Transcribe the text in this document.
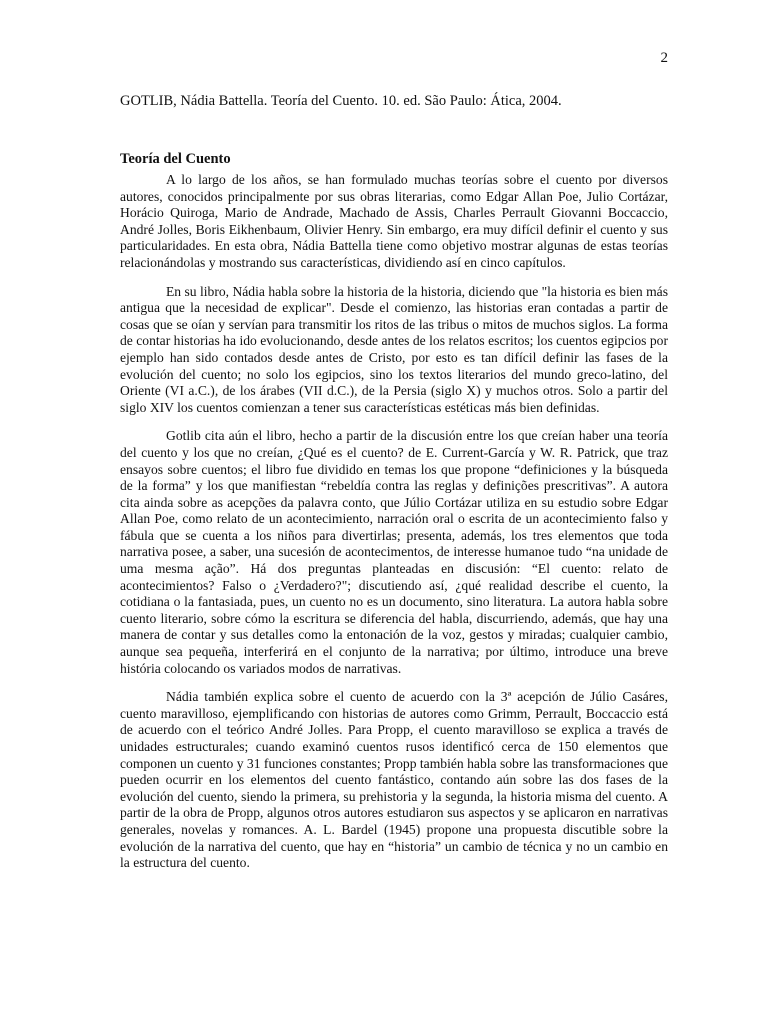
2
GOTLIB, Nádia Battella. Teoría del Cuento. 10. ed. São Paulo: Ática, 2004.
Teoría del Cuento

A lo largo de los años, se han formulado muchas teorías sobre el cuento por diversos autores, conocidos principalmente por sus obras literarias, como Edgar Allan Poe, Julio Cortázar, Horácio Quiroga, Mario de Andrade, Machado de Assis, Charles Perrault Giovanni Boccaccio, André Jolles, Boris Eikhenbaum, Olivier Henry. Sin embargo, era muy difícil definir el cuento y sus particularidades. En esta obra, Nádia Battella tiene como objetivo mostrar algunas de estas teorías relacionándolas y mostrando sus características, dividiendo así en cinco capítulos.

En su libro, Nádia habla sobre la historia de la historia, diciendo que "la historia es bien más antigua que la necesidad de explicar". Desde el comienzo, las historias eran contadas a partir de cosas que se oían y servían para transmitir los ritos de las tribus o mitos de muchos siglos. La forma de contar historias ha ido evolucionando, desde antes de los relatos escritos; los cuentos egipcios por ejemplo han sido contados desde antes de Cristo, por esto es tan difícil definir las fases de la evolución del cuento; no solo los egipcios, sino los textos literarios del mundo greco-latino, del Oriente (VI a.C.), de los árabes (VII d.C.), de la Persia (siglo X) y muchos otros. Solo a partir del siglo XIV los cuentos comienzan a tener sus características estéticas más bien definidas.

Gotlib cita aún el libro, hecho a partir de la discusión entre los que creían haber una teoría del cuento y los que no creían, ¿Qué es el cuento? de E. Current-García y W. R. Patrick, que traz ensayos sobre cuentos; el libro fue dividido en temas los que propone “definiciones y la búsqueda de la forma” y los que manifiestan “rebeldía contra las reglas y definições prescritivas”. A autora cita ainda sobre as acepções da palavra conto, que Júlio Cortázar utiliza en su estudio sobre Edgar Allan Poe, como relato de un acontecimiento, narración oral o escrita de un acontecimiento falso y fábula que se cuenta a los niños para divertirlas; presenta, además, los tres elementos que toda narrativa posee, a saber, una sucesión de acontecimentos, de interesse humanoe tudo “na unidade de uma mesma ação”. Há dos preguntas planteadas en discusión: “El cuento: relato de acontecimientos? Falso o ¿Verdadero?"; discutiendo así, ¿qué realidad describe el cuento, la cotidiana o la fantasiada, pues, un cuento no es un documento, sino literatura. La autora habla sobre cuento literario, sobre cómo la escritura se diferencia del habla, discurriendo, además, que hay una manera de contar y sus detalles como la entonación de la voz, gestos y miradas; cualquier cambio, aunque sea pequeña, interferirá en el conjunto de la narrativa; por último, introduce una breve história colocando os variados modos de narrativas.

Nádia también explica sobre el cuento de acuerdo con la 3ª acepción de Júlio Casáres, cuento maravilloso, ejemplificando con historias de autores como Grimm, Perrault, Boccaccio está de acuerdo con el teórico André Jolles. Para Propp, el cuento maravilloso se explica a través de unidades estructurales; cuando examinó cuentos rusos identificó cerca de 150 elementos que componen un cuento y 31 funciones constantes; Propp también habla sobre las transformaciones que pueden ocurrir en los elementos del cuento fantástico, contando aún sobre las dos fases de la evolución del cuento, siendo la primera, su prehistoria y la segunda, la historia misma del cuento. A partir de la obra de Propp, algunos otros autores estudiaron sus aspectos y se aplicaron en narrativas generales, novelas y romances. A. L. Bardel (1945) propone una propuesta discutible sobre la evolución de la narrativa del cuento, que hay en “historia” un cambio de técnica y no un cambio en la estructura del cuento.
